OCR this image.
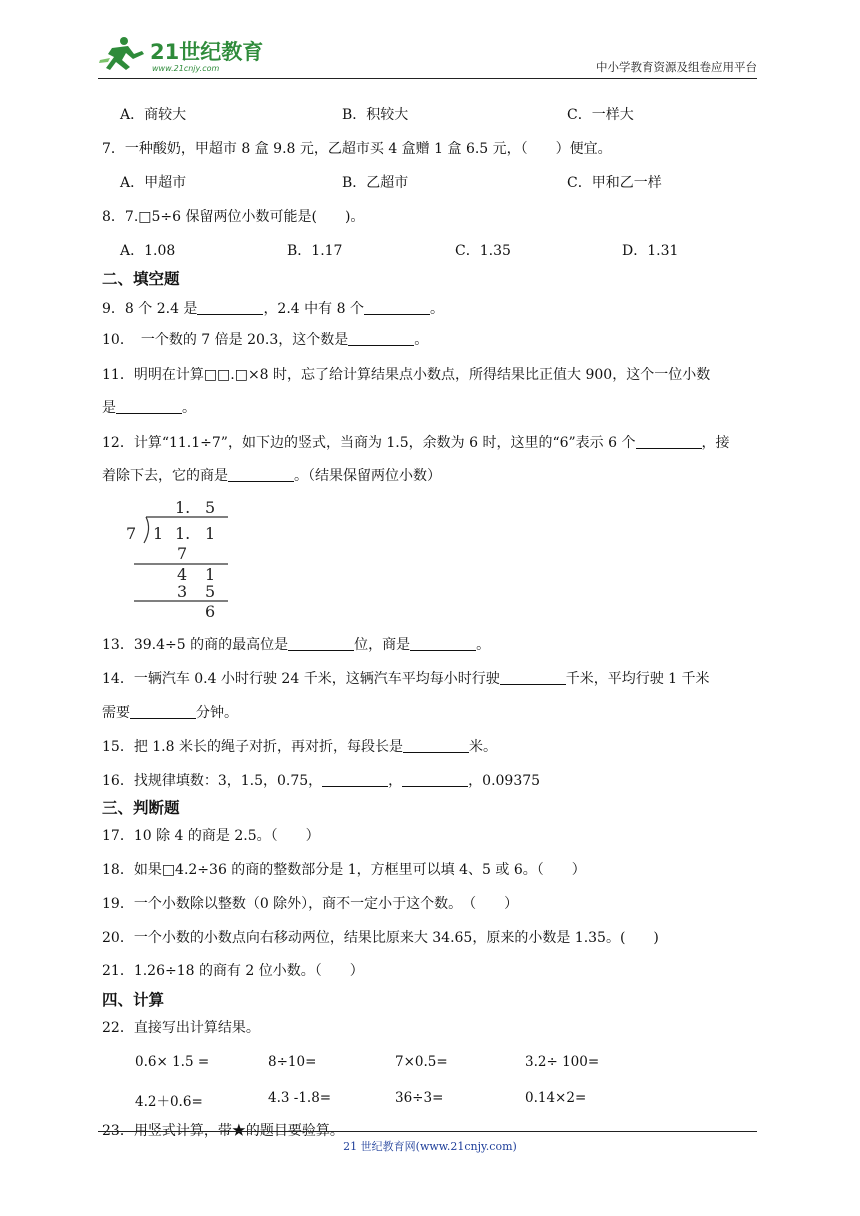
21世纪教育
www.21cnjy.com	中小学教育资源及组卷应用平台
A．商较大	B．积较大	C．一样大
7．一种酸奶，甲超市 8 盒 9.8 元，乙超市买 4 盒赠 1 盒 6.5 元，（　　）便宜。
A．甲超市	B．乙超市	C．甲和乙一样
8．7.□5÷6 保留两位小数可能是(　　)。
A．1.08	B．1.17	C．1.35	D．1.31
二、填空题
9．8 个 2.4 是	，2.4 中有 8 个	。
10．　一个数的 7 倍是 20.3，这个数是	。
11．明明在计算□□.□×8 时，忘了给计算结果点小数点，所得结果比正值大 900，这个一位小数
是	。
12．计算“11.1÷7”，如下边的竖式，当商为 1.5，余数为 6 时，这里的“6”表示 6 个	，接
着除下去，它的商是	。（结果保留两位小数）
1. 5
7 1 1. 1
7
4 1
3 5
6
13．39.4÷5 的商的最高位是	位，商是	。
14．一辆汽车 0.4 小时行驶 24 千米，这辆汽车平均每小时行驶	千米，平均行驶 1 千米
需要	分钟。
15．把 1.8 米长的绳子对折，再对折，每段长是	米。
16．找规律填数：3，1.5，0.75，	，	，0.09375
三、判断题
17．10 除 4 的商是 2.5。（　　）
18．如果□4.2÷36 的商的整数部分是 1，方框里可以填 4、5 或 6。（　　）
19．一个小数除以整数（0 除外），商不一定小于这个数。　（　　）
20．一个小数的小数点向右移动两位，结果比原来大 34.65，原来的小数是 1.35。(　　)
21．1.26÷18 的商有 2 位小数。（　　）
四、计算
22．直接写出计算结果。
0.6× 1.5 =	8÷10=	7×0.5=	3.2÷ 100=
4.2＋0.6=	4.3 -1.8=	36÷3=	0.14×2=
23．用竖式计算，带★的题目要验算。
21 世纪教育网(www.21cnjy.com)
